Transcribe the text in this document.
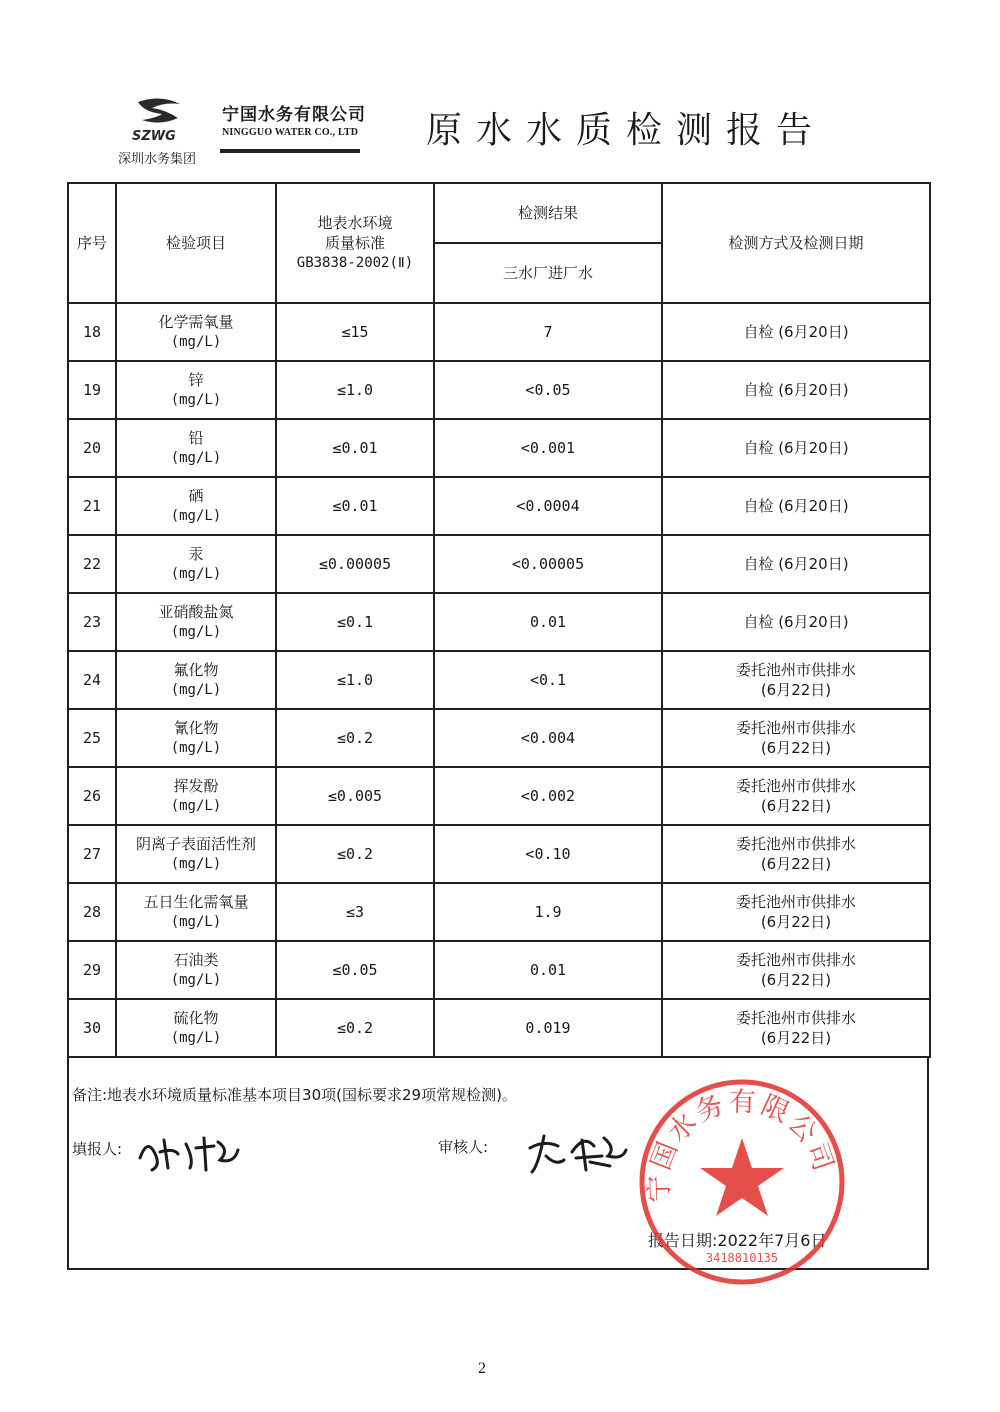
SZWG
深圳水务集团
宁国水务有限公司
NINGGUO WATER CO., LTD 原水水质检测报告
序号	检验项目	地表水环境
质量标准
GB3838-2002(Ⅱ)	检测结果	检测方式及检测日期
			三水厂进厂水	
18	化学需氧量
(mg/L)	≤15	7	自检 (6月20日)

19	锌
(mg/L)	≤1.0	<0.05	自检 (6月20日)

20	铅
(mg/L)	≤0.01	<0.001	自检 (6月20日)

21	硒
(mg/L)	≤0.01	<0.0004	自检 (6月20日)

22	汞
(mg/L)	≤0.00005	<0.00005	自检 (6月20日)

23	亚硝酸盐氮
(mg/L)	≤0.1	0.01	自检 (6月20日)

24	氟化物
(mg/L)	≤1.0	<0.1	委托池州市供排水
(6月22日)

25	氰化物
(mg/L)	≤0.2	<0.004	委托池州市供排水
(6月22日)

26	挥发酚
(mg/L)	≤0.005	<0.002	委托池州市供排水
(6月22日)

27	阴离子表面活性剂
(mg/L)	≤0.2	<0.10	委托池州市供排水
(6月22日)

28	五日生化需氧量
(mg/L)	≤3	1.9	委托池州市供排水
(6月22日)

29	石油类
(mg/L)	≤0.05	0.01	委托池州市供排水
(6月22日)

30	硫化物
(mg/L)	≤0.2	0.019	委托池州市供排水
(6月22日)
备注:地表水环境质量标准基本项目30项(国标要求29项常规检测)。
填报人:	审核人:
报告日期:2022年7月6日
宁国水务有限公司
3418810135
2
